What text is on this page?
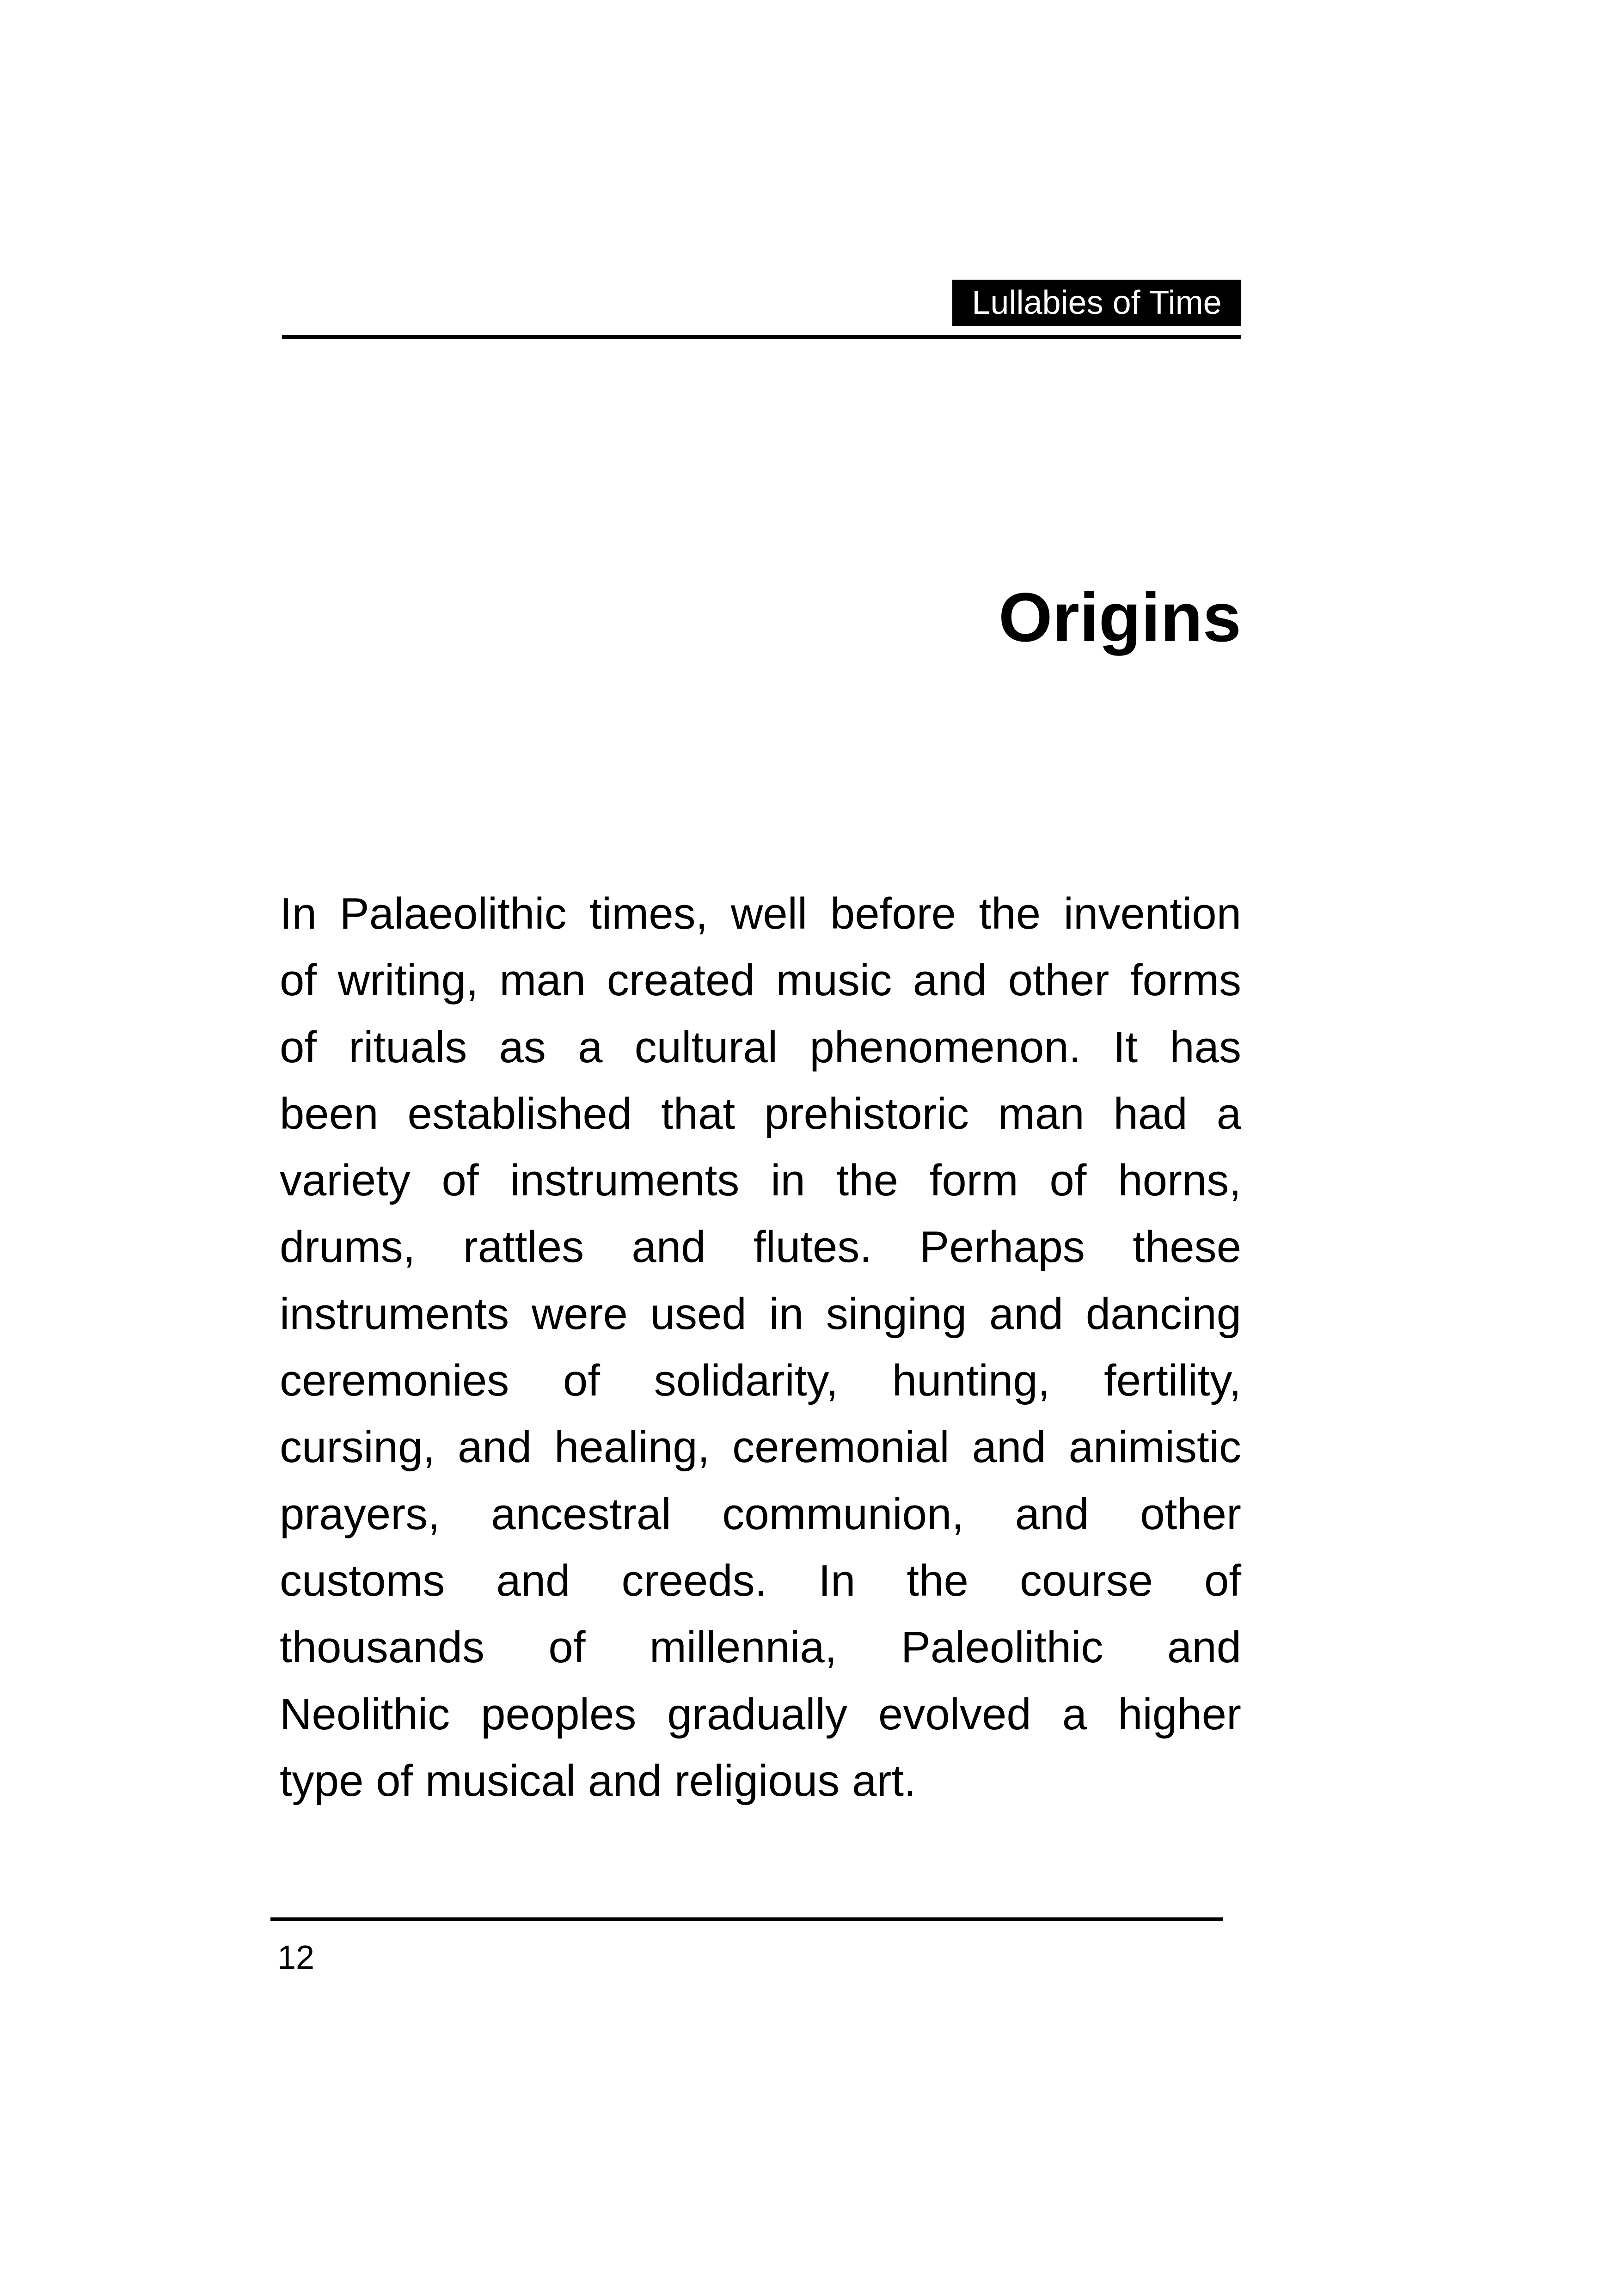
Lullabies of Time
Origins

In Palaeolithic times, well before the invention
of writing, man created music and other forms
of rituals as a cultural phenomenon. It has
been established that prehistoric man had a
variety of instruments in the form of horns,
drums, rattles and flutes. Perhaps these
instruments were used in singing and dancing
ceremonies of solidarity, hunting, fertility,
cursing, and healing, ceremonial and animistic
prayers, ancestral communion, and other
customs and creeds. In the course of
thousands of millennia, Paleolithic and
Neolithic peoples gradually evolved a higher
type of musical and religious art.

12
